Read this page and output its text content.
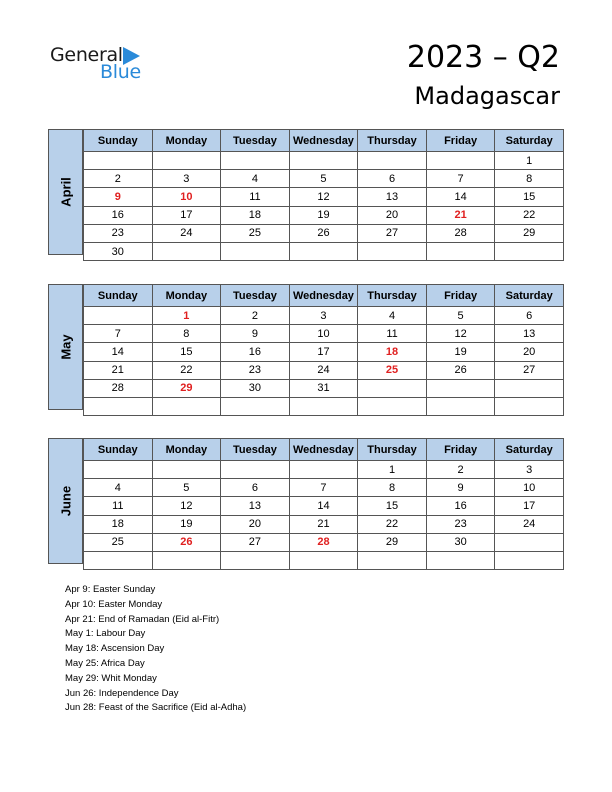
General
Blue	2023 – Q2
Madagascar
April
Sunday	Monday	Tuesday	Wednesday	Thursday	Friday	Saturday
						1
2	3	4	5	6	7	8
9	10	11	12	13	14	15
16	17	18	19	20	21	22
23	24	25	26	27	28	29
30						
May
Sunday	Monday	Tuesday	Wednesday	Thursday	Friday	Saturday
	1	2	3	4	5	6
7	8	9	10	11	12	13
14	15	16	17	18	19	20
21	22	23	24	25	26	27
28	29	30	31			

June
Sunday	Monday	Tuesday	Wednesday	Thursday	Friday	Saturday
				1	2	3
4	5	6	7	8	9	10
11	12	13	14	15	16	17
18	19	20	21	22	23	24
25	26	27	28	29	30	

Apr 9: Easter Sunday
Apr 10: Easter Monday
Apr 21: End of Ramadan (Eid al-Fitr)
May 1: Labour Day
May 18: Ascension Day
May 25: Africa Day
May 29: Whit Monday
Jun 26: Independence Day
Jun 28: Feast of the Sacrifice (Eid al-Adha)
